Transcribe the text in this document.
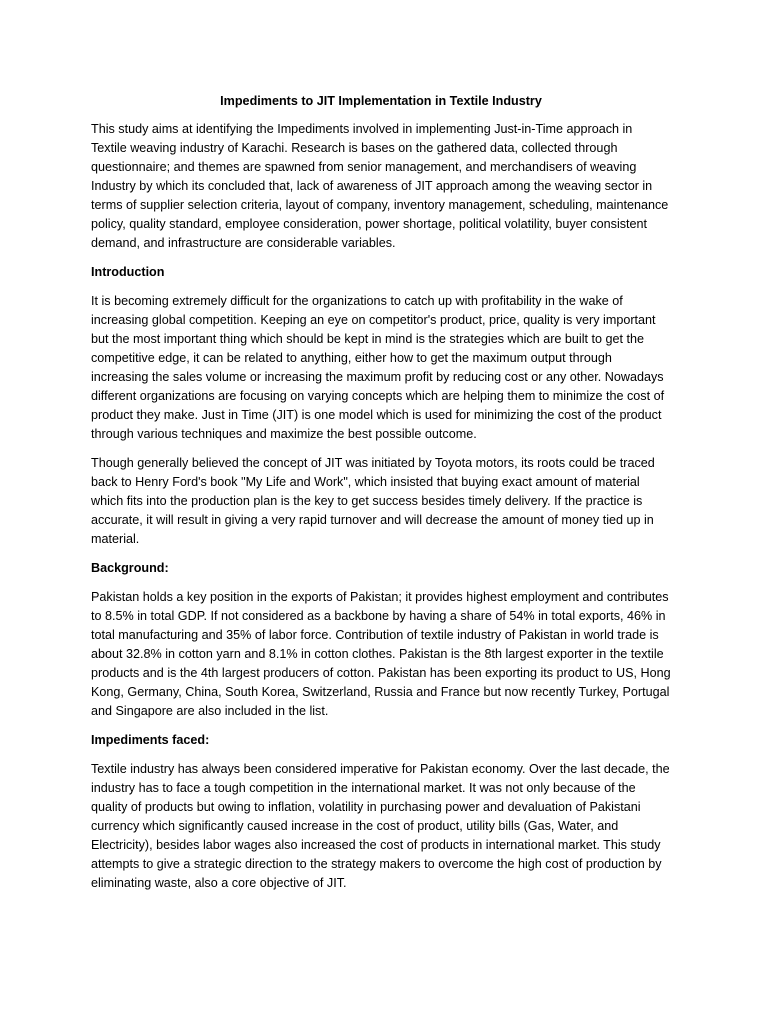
Impediments to JIT Implementation in Textile Industry

This study aims at identifying the Impediments involved in implementing Just-in-Time approach in Textile weaving industry of Karachi. Research is bases on the gathered data, collected through questionnaire; and themes are spawned from senior management, and merchandisers of weaving Industry by which its concluded that, lack of awareness of JIT approach among the weaving sector in terms of supplier selection criteria, layout of company, inventory management, scheduling, maintenance policy, quality standard, employee consideration, power shortage, political volatility, buyer consistent demand, and infrastructure are considerable variables.

Introduction

It is becoming extremely difficult for the organizations to catch up with profitability in the wake of increasing global competition. Keeping an eye on competitor's product, price, quality is very important but the most important thing which should be kept in mind is the strategies which are built to get the competitive edge, it can be related to anything, either how to get the maximum output through increasing the sales volume or increasing the maximum profit by reducing cost or any other. Nowadays different organizations are focusing on varying concepts which are helping them to minimize the cost of product they make. Just in Time (JIT) is one model which is used for minimizing the cost of the product through various techniques and maximize the best possible outcome.

Though generally believed the concept of JIT was initiated by Toyota motors, its roots could be traced back to Henry Ford's book "My Life and Work", which insisted that buying exact amount of material which fits into the production plan is the key to get success besides timely delivery. If the practice is accurate, it will result in giving a very rapid turnover and will decrease the amount of money tied up in material.

Background:

Pakistan holds a key position in the exports of Pakistan; it provides highest employment and contributes to 8.5% in total GDP. If not considered as a backbone by having a share of 54% in total exports, 46% in total manufacturing and 35% of labor force. Contribution of textile industry of Pakistan in world trade is about 32.8% in cotton yarn and 8.1% in cotton clothes. Pakistan is the 8th largest exporter in the textile products and is the 4th largest producers of cotton. Pakistan has been exporting its product to US, Hong Kong, Germany, China, South Korea, Switzerland, Russia and France but now recently Turkey, Portugal and Singapore are also included in the list.

Impediments faced:

Textile industry has always been considered imperative for Pakistan economy. Over the last decade, the industry has to face a tough competition in the international market. It was not only because of the quality of products but owing to inflation, volatility in purchasing power and devaluation of Pakistani currency which significantly caused increase in the cost of product, utility bills (Gas, Water, and Electricity), besides labor wages also increased the cost of products in international market. This study attempts to give a strategic direction to the strategy makers to overcome the high cost of production by eliminating waste, also a core objective of JIT.
